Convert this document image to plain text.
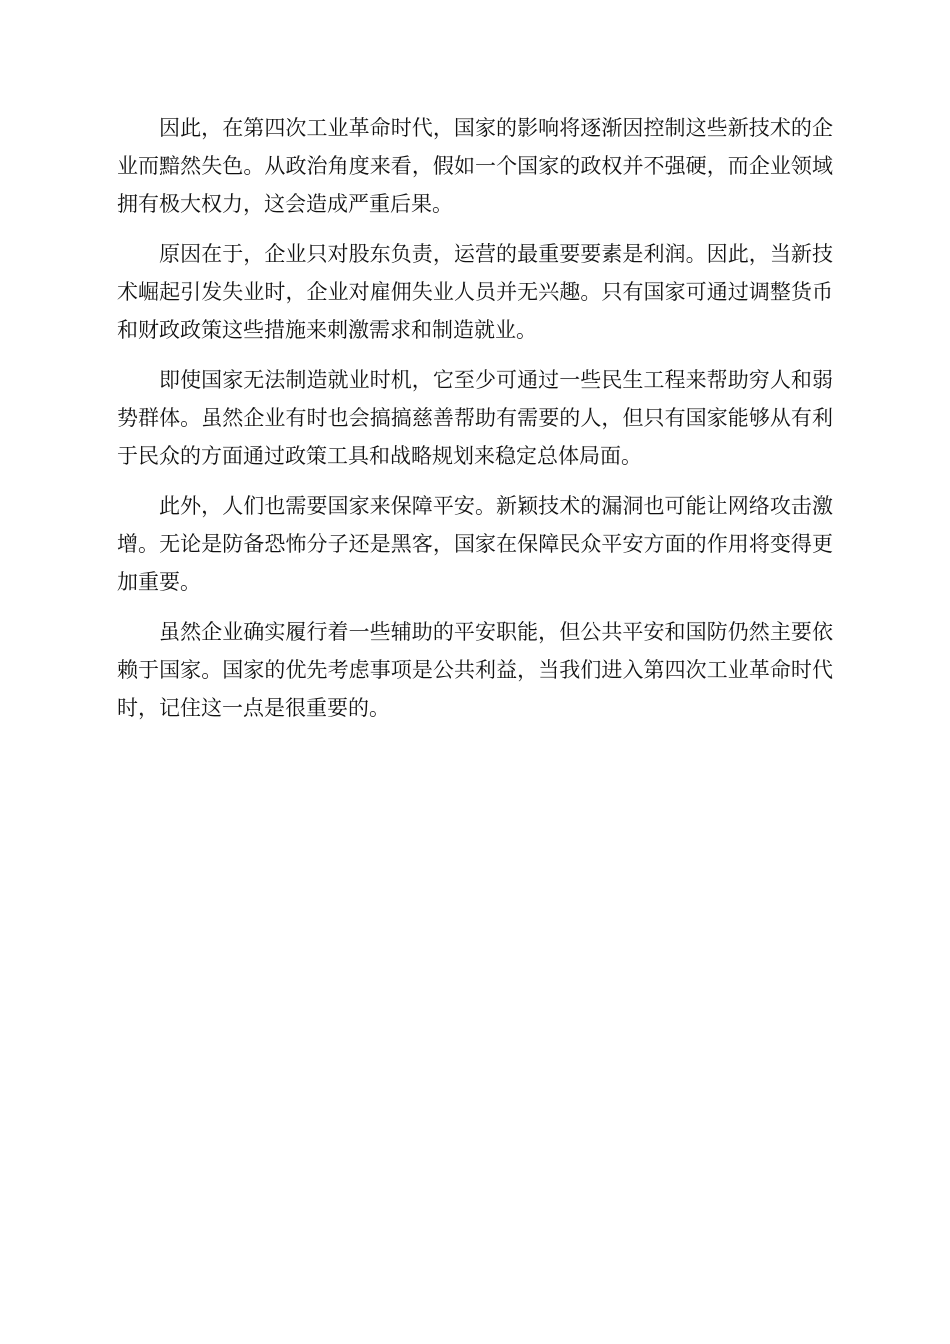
因此，在第四次工业革命时代，国家的影响将逐渐因控制这些新技术的企业而黯然失色。从政治角度来看，假如一个国家的政权并不强硬，而企业领域拥有极大权力，这会造成严重后果。

原因在于，企业只对股东负责，运营的最重要要素是利润。因此，当新技术崛起引发失业时，企业对雇佣失业人员并无兴趣。只有国家可通过调整货币和财政政策这些措施来刺激需求和制造就业。

即使国家无法制造就业时机，它至少可通过一些民生工程来帮助穷人和弱势群体。虽然企业有时也会搞搞慈善帮助有需要的人，但只有国家能够从有利于民众的方面通过政策工具和战略规划来稳定总体局面。

此外，人们也需要国家来保障平安。新颖技术的漏洞也可能让网络攻击激增。无论是防备恐怖分子还是黑客，国家在保障民众平安方面的作用将变得更加重要。

虽然企业确实履行着一些辅助的平安职能，但公共平安和国防仍然主要依赖于国家。国家的优先考虑事项是公共利益，当我们进入第四次工业革命时代时，记住这一点是很重要的。
